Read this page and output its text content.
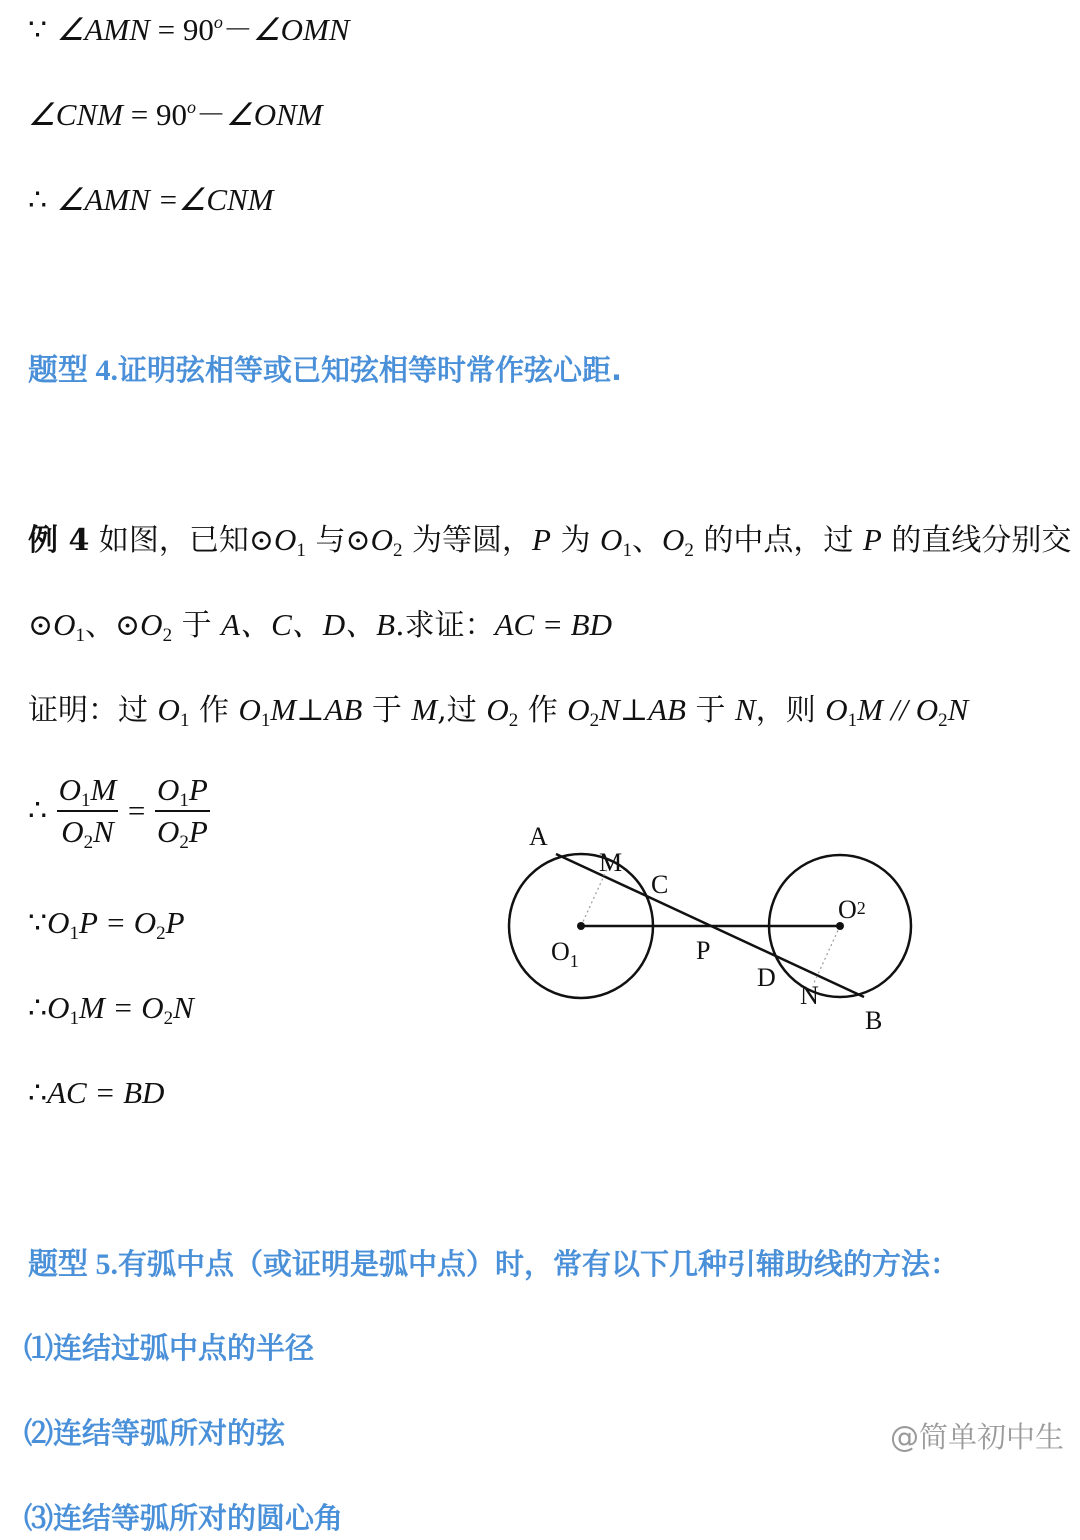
∵ ∠AMN = $90^o-\angle OMN$
∠CNM = $90^o-\angle ONM$
∴ ∠AMN =∠CNM
题型 4.证明弦相等或已知弦相等时常作弦心距.
例 4 如图，已知$⊙O_1$ 与$⊙O_2$ 为等圆，P 为 $O_1$、$O_2$ 的中点，过 P 的直线分别交
$⊙O_1$、$⊙O_2$ 于 A、C、D、B.求证：AC = BD
证明：过 $O_1$ 作 $O_1M\perp AB$ 于 M,过 $O_2$ 作 $O_2N\perp AB$ 于 N，则 $O_1M // O_2N$
∴ $\frac{O1M}{O2N} = \frac{O1P}{O2P}$
$\because O_1P = O_2P$
$\therefore O_1M = O_2N$
∴AC = BD
A
M
C
P
D
N
B
$O_1$
O2
题型 5.有弧中点（或证明是弧中点）时，常有以下几种引辅助线的方法：
⑴连结过弧中点的半径
⑵连结等弧所对的弦
⑶连结等弧所对的圆心角
@简单初中生
